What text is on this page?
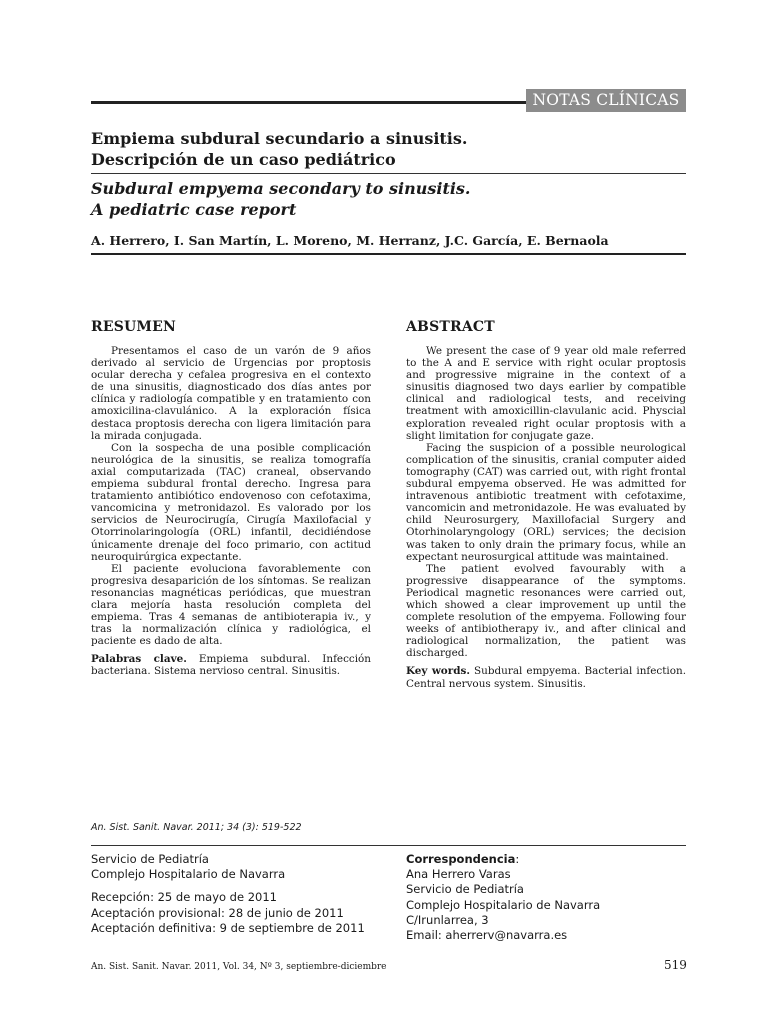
NOTAS CLÍNICAS
Empiema subdural secundario a sinusitis.
Descripción de un caso pediátrico
Subdural empyema secondary to sinusitis.
A pediatric case report
A. Herrero, I. San Martín, L. Moreno, M. Herranz, J.C. García, E. Bernaola
RESUMEN

Presentamos el caso de un varón de 9 años derivado al servicio de Urgencias por proptosis ocular derecha y cefalea progresiva en el contexto de una sinusitis, diagnosticado dos días antes por clínica y radiología compatible y en tratamiento con amoxicilina-clavulánico. A la exploración física destaca proptosis derecha con ligera limitación para la mirada conjugada.

Con la sospecha de una posible complicación neurológica de la sinusitis, se realiza tomografía axial computarizada (TAC) craneal, observando empiema subdural frontal derecho. Ingresa para tratamiento antibiótico endovenoso con cefotaxima, vancomicina y metronidazol. Es valorado por los servicios de Neurocirugía, Cirugía Maxilofacial y Otorrinolaringología (ORL) infantil, decidiéndose únicamente drenaje del foco primario, con actitud neuroquirúrgica expectante.

El paciente evoluciona favorablemente con progresiva desaparición de los síntomas. Se realizan resonancias magnéticas periódicas, que muestran clara mejoría hasta resolución completa del empiema. Tras 4 semanas de antibioterapia iv., y tras la normalización clínica y radiológica, el paciente es dado de alta.

Palabras clave. Empiema subdural. Infección bacteriana. Sistema nervioso central. Sinusitis.

ABSTRACT

We present the case of 9 year old male referred to the A and E service with right ocular proptosis and progressive migraine in the context of a sinusitis diagnosed two days earlier by compatible clinical and radiological tests, and receiving treatment with amoxicillin-clavulanic acid. Physcial exploration revealed right ocular proptosis with a slight limitation for conjugate gaze.

Facing the suspicion of a possible neurological complication of the sinusitis, cranial computer aided tomography (CAT) was carried out, with right frontal subdural empyema observed. He was admitted for intravenous antibiotic treatment with cefotaxime, vancomicin and metronidazole. He was evaluated by child Neurosurgery, Maxillofacial Surgery and Otorhinolaryngology (ORL) services; the decision was taken to only drain the primary focus, while an expectant neurosurgical attitude was maintained.

The patient evolved favourably with a progressive disappearance of the symptoms. Periodical magnetic resonances were carried out, which showed a clear improvement up until the complete resolution of the empyema. Following four weeks of antibiotherapy iv., and after clinical and radiological normalization, the patient was discharged.

Key words. Subdural empyema. Bacterial infection. Central nervous system. Sinusitis.

An. Sist. Sanit. Navar. 2011; 34 (3): 519-522
Servicio de Pediatría
Complejo Hospitalario de Navarra
Recepción: 25 de mayo de 2011
Aceptación provisional: 28 de junio de 2011
Aceptación definitiva: 9 de septiembre de 2011
Correspondencia:
Ana Herrero Varas
Servicio de Pediatría
Complejo Hospitalario de Navarra
C/Irunlarrea, 3
Email: aherrerv@navarra.es
An. Sist. Sanit. Navar. 2011, Vol. 34, Nº 3, septiembre-diciembre	519
